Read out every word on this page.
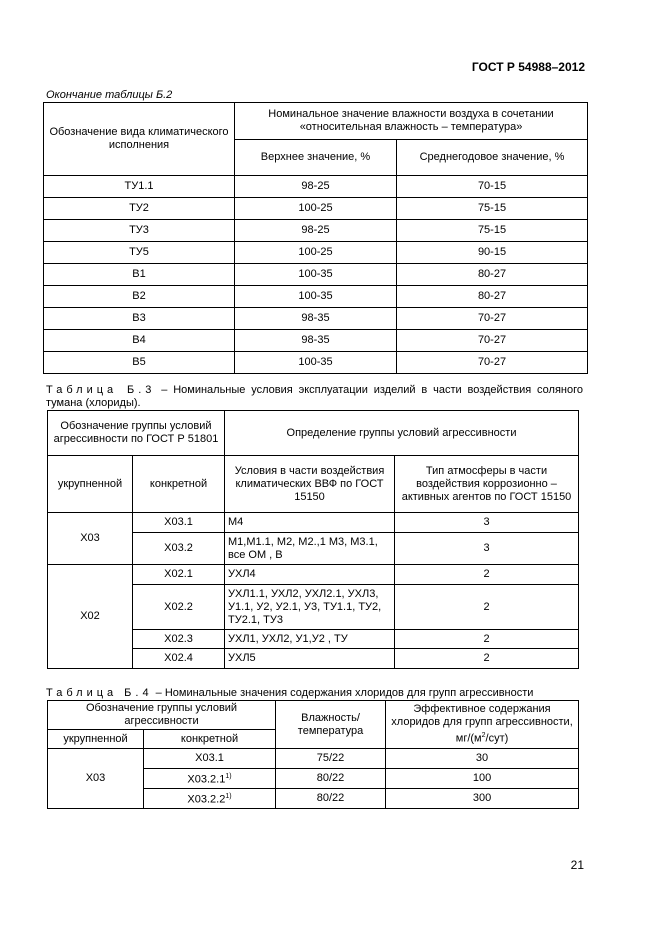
ГОСТ Р 54988–2012
Окончание таблицы Б.2
Обозначение вида климатического исполнения	Номинальное значение влажности воздуха в сочетании «относительная влажность – температура»	
	Верхнее значение, %	Среднегодовое значение, %
ТУ1.1	98-25	70-15
ТУ2	100-25	75-15
ТУ3	98-25	75-15
ТУ5	100-25	90-15
В1	100-35	80-27
В2	100-35	80-27
В3	98-35	70-27
В4	98-35	70-27
В5	100-35	70-27
Таблица Б.3 – Номинальные условия эксплуатации изделий в части воздействия соляного тумана (хлориды).
Обозначение группы условий агрессивности по ГОСТ Р 51801		Определение группы условий агрессивности	
укрупненной	конкретной	Условия в части воздействия климатических ВВФ по ГОСТ 15150	Тип атмосферы в части воздействия коррозионно – активных агентов по ГОСТ 15150
Х03	Х03.1	М4	3
	Х03.2	М1,М1.1, М2, М2.,1 М3, М3.1, все ОМ , В	3
Х02	Х02.1	УХЛ4	2
	Х02.2	УХЛ1.1, УХЛ2, УХЛ2.1, УХЛ3, У1.1, У2, У2.1, У3, ТУ1.1, ТУ2, ТУ2.1, ТУ3	2
	Х02.3	УХЛ1, УХЛ2, У1,У2 , ТУ	2
	Х02.4	УХЛ5	2
Таблица Б.4 – Номинальные значения содержания хлоридов для групп агрессивности
Обозначение группы условий агрессивности		Влажность/ температура	Эффективное содержания хлоридов для групп агрессивности, $мг/(м^2/сут)$
укрупненной	конкретной		
Х03	Х03.1	75/22	30
	Х03.2.1$^{1)}$	80/22	100
	Х03.2.2$^{1)}$	80/22	300
21
